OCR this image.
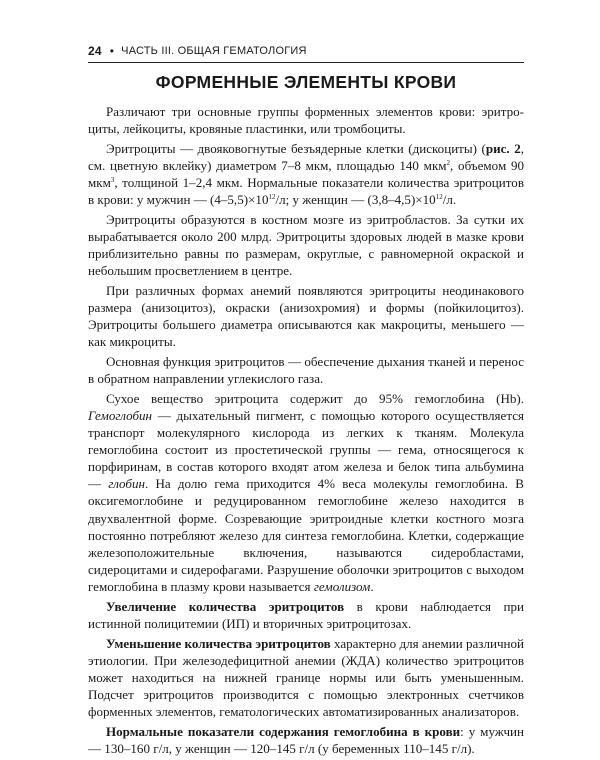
24 • ЧАСТЬ III. ОБЩАЯ ГЕМАТОЛОГИЯ
ФОРМЕННЫЕ ЭЛЕМЕНТЫ КРОВИ

Различают три основные группы форменных элементов крови: эритроциты, лейкоциты, кровяные пластинки, или тромбоциты.

Эритроциты — двояковогнутые безъядерные клетки (дискоциты) (рис. 2, см. цветную вклейку) диаметром 7–8 мкм, площадью 140 мкм$^2$, объемом 90 мкм$^3$, толщиной 1–2,4 мкм. Нормальные показатели количества эритроцитов в крови: у мужчин — $(4-5,5)\times 10^{12}/л$; у женщин — $(3,8-4,5)\times 10^{12}/л$.

Эритроциты образуются в костном мозге из эритробластов. За сутки их вырабатывается около 200 млрд. Эритроциты здоровых людей в мазке крови приблизительно равны по размерам, округлые, с равномерной окраской и небольшим просветлением в центре.

При различных формах анемий появляются эритроциты неодинакового размера (анизоцитоз), окраски (анизохромия) и формы (пойкилоцитоз). Эритроциты большего диаметра описываются как макроциты, меньшего — как микроциты.

Основная функция эритроцитов — обеспечение дыхания тканей и перенос в обратном направлении углекислого газа.

Сухое вещество эритроцита содержит до 95% гемоглобина (Hb). Гемоглобин — дыхательный пигмент, с помощью которого осуществляется транспорт молекулярного кислорода из легких к тканям. Молекула гемоглобина состоит из простетической группы — гема, относящегося к порфиринам, в состав которого входят атом железа и белок типа альбумина — глобин. На долю гема приходится 4% веса молекулы гемоглобина. В оксигемоглобине и редуцированном гемоглобине железо находится в двухвалентной форме. Созревающие эритроидные клетки костного мозга постоянно потребляют железо для синтеза гемоглобина. Клетки, содержащие железоположительные включения, называются сидеробластами, сидероцитами и сидерофагами. Разрушение оболочки эритроцитов с выходом гемоглобина в плазму крови называется гемолизом.

Увеличение количества эритроцитов в крови наблюдается при истинной полицитемии (ИП) и вторичных эритроцитозах.

Уменьшение количества эритроцитов характерно для анемии различной этиологии. При железодефицитной анемии (ЖДА) количество эритроцитов может находиться на нижней границе нормы или быть уменьшенным. Подсчет эритроцитов производится с помощью электронных счетчиков форменных элементов, гематологических автоматизированных анализаторов.

Нормальные показатели содержания гемоглобина в крови: у мужчин — 130–160 г/л, у женщин — 120–145 г/л (у беременных 110–145 г/л).
